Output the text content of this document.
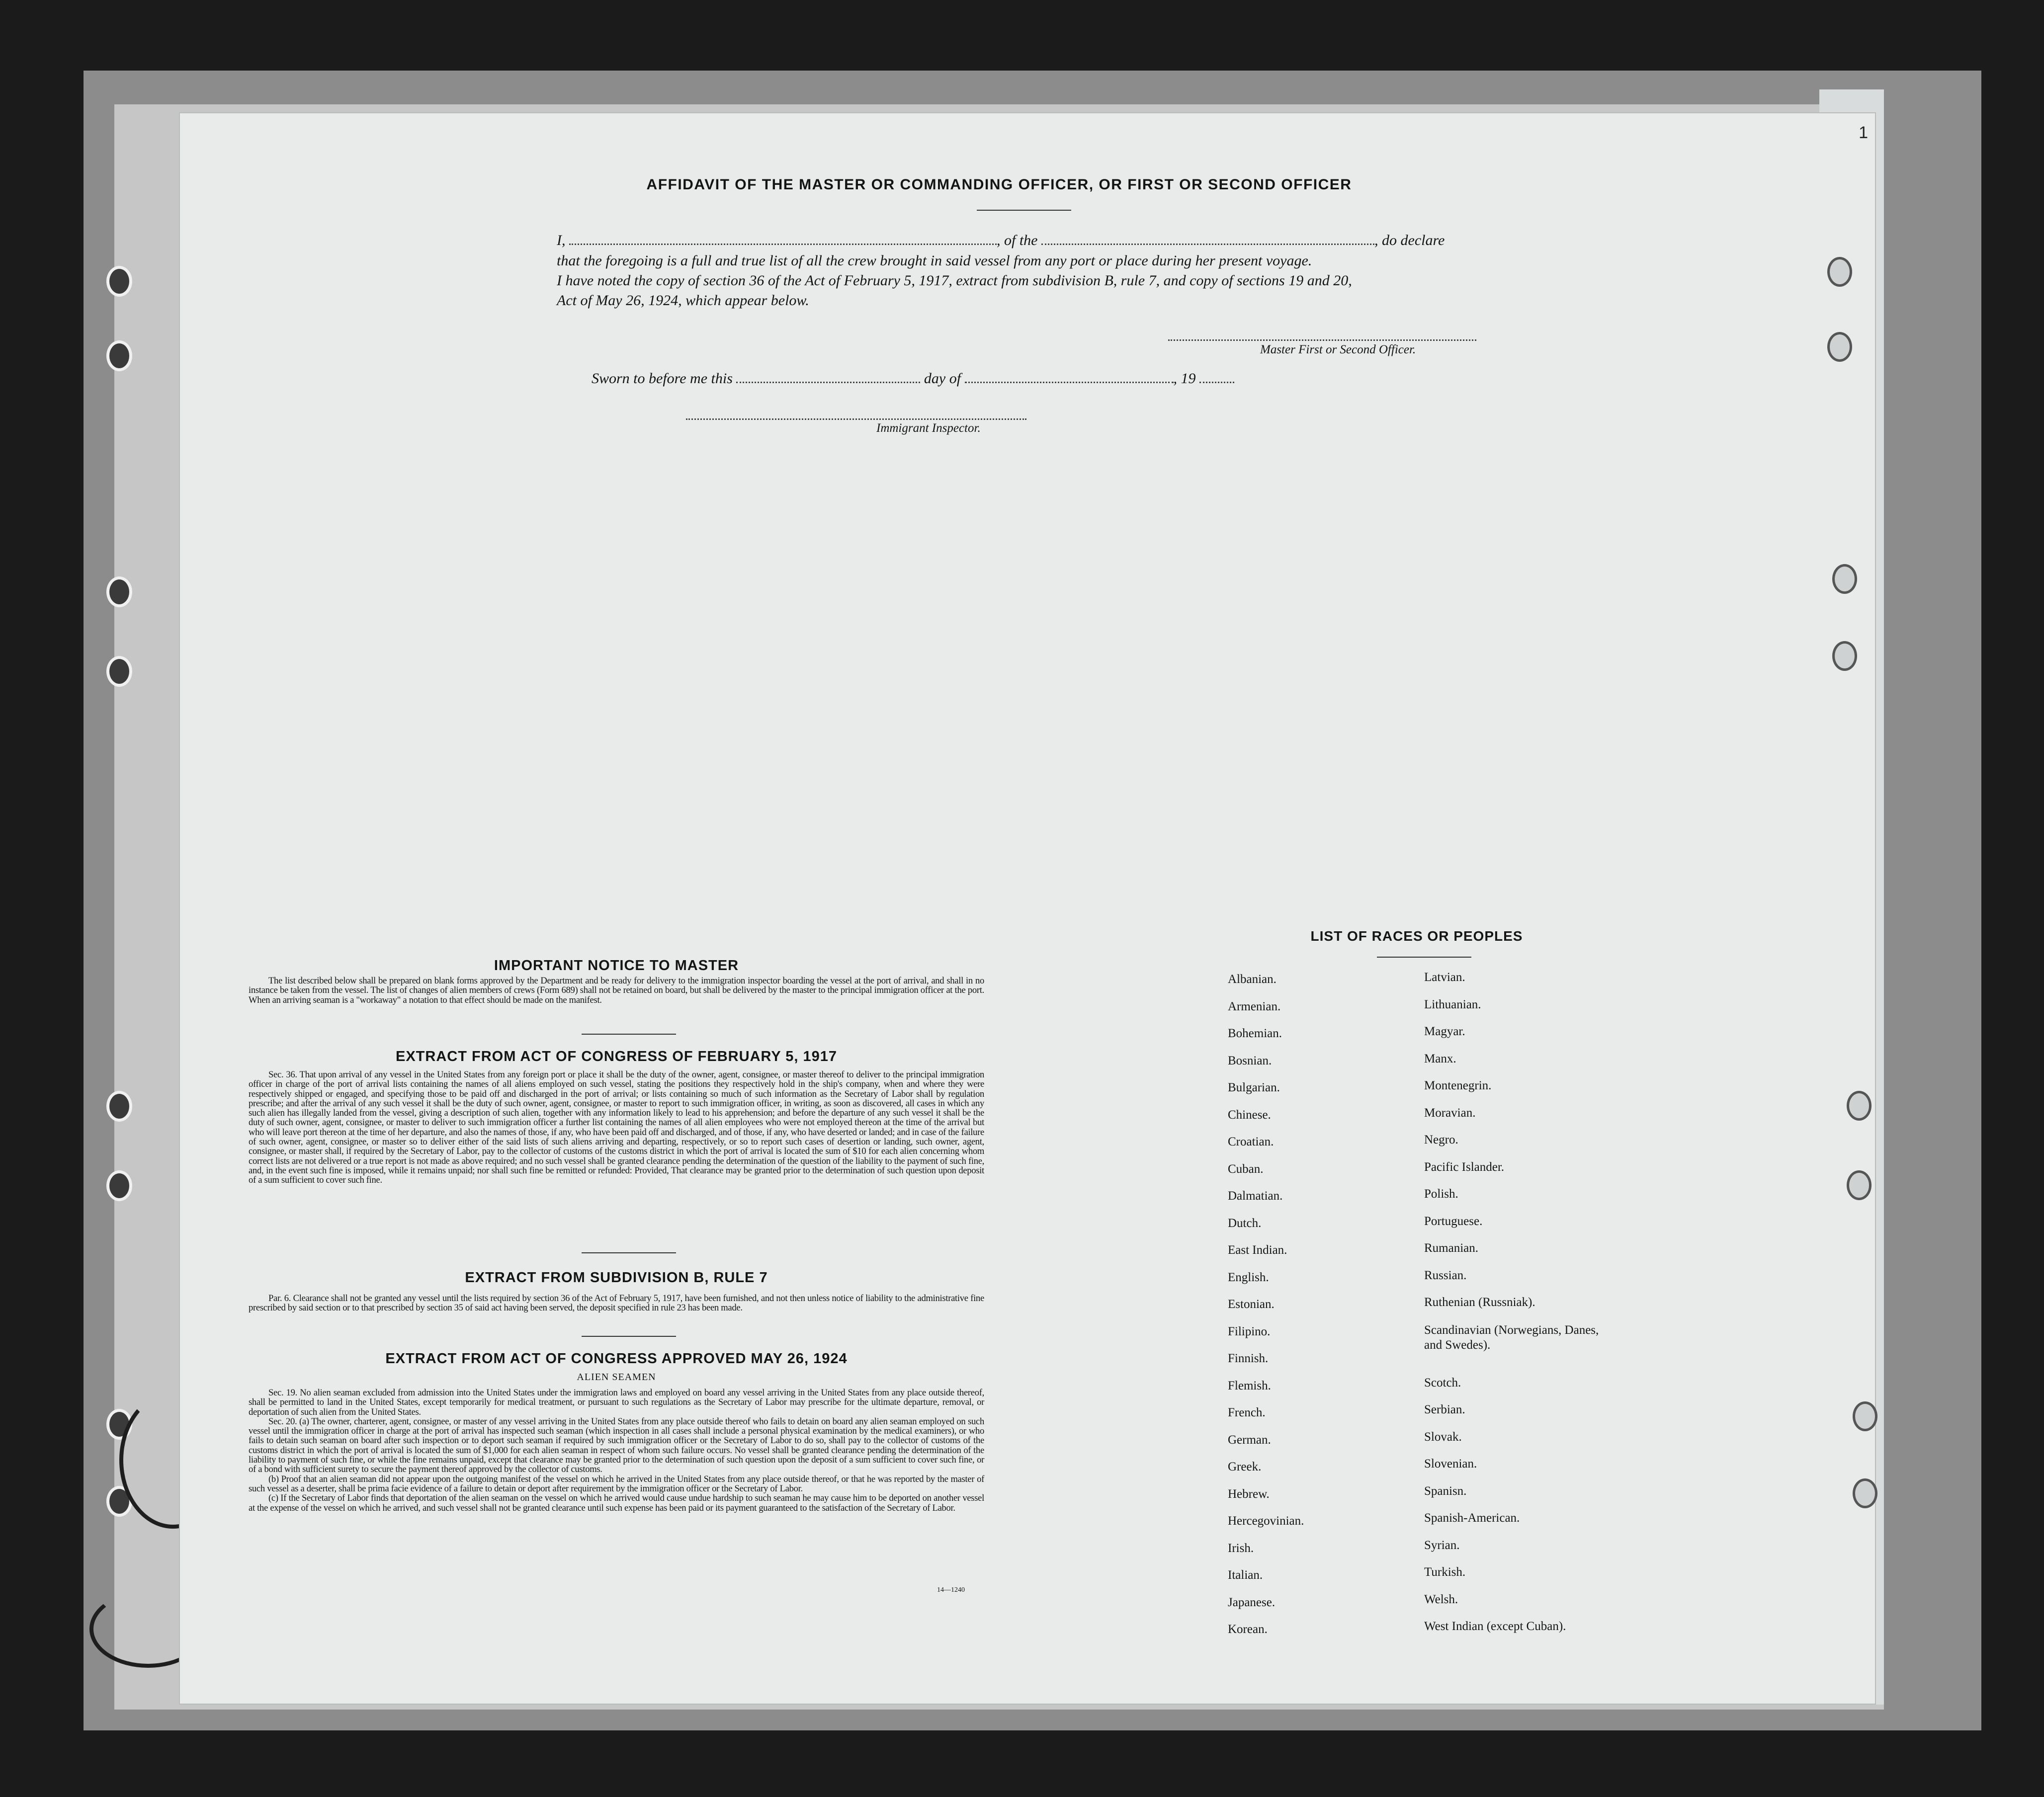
1
AFFIDAVIT OF THE MASTER OR COMMANDING OFFICER, OR FIRST OR SECOND OFFICER
I,	, of the	, do declare
that the foregoing is a full and true list of all the crew brought in said vessel from any port or place during her present voyage.
I have noted the copy of section 36 of the Act of February 5, 1917, extract from subdivision B, rule 7, and copy of sections 19 and 20,
Act of May 26, 1924, which appear below.
Master First or Second Officer.
Sworn to before me this	day of	, 19
Immigrant Inspector.
IMPORTANT NOTICE TO MASTER

The list described below shall be prepared on blank forms approved by the Department and be ready for delivery to the immigration inspector boarding the vessel at the port of arrival, and shall in no instance be taken from the vessel. The list of changes of alien members of crews (Form 689) shall not be retained on board, but shall be delivered by the master to the principal immigration officer at the port. When an arriving seaman is a "workaway" a notation to that effect should be made on the manifest.

EXTRACT FROM ACT OF CONGRESS OF FEBRUARY 5, 1917

Sec. 36. That upon arrival of any vessel in the United States from any foreign port or place it shall be the duty of the owner, agent, consignee, or master thereof to deliver to the principal immigration officer in charge of the port of arrival lists containing the names of all aliens employed on such vessel, stating the positions they respectively hold in the ship's company, when and where they were respectively shipped or engaged, and specifying those to be paid off and discharged in the port of arrival; or lists containing so much of such information as the Secretary of Labor shall by regulation prescribe; and after the arrival of any such vessel it shall be the duty of such owner, agent, consignee, or master to report to such immigration officer, in writing, as soon as discovered, all cases in which any such alien has illegally landed from the vessel, giving a description of such alien, together with any information likely to lead to his apprehension; and before the departure of any such vessel it shall be the duty of such owner, agent, consignee, or master to deliver to such immigration officer a further list containing the names of all alien employees who were not employed thereon at the time of the arrival but who will leave port thereon at the time of her departure, and also the names of those, if any, who have been paid off and discharged, and of those, if any, who have deserted or landed; and in case of the failure of such owner, agent, consignee, or master so to deliver either of the said lists of such aliens arriving and departing, respectively, or so to report such cases of desertion or landing, such owner, agent, consignee, or master shall, if required by the Secretary of Labor, pay to the collector of customs of the customs district in which the port of arrival is located the sum of $10 for each alien concerning whom correct lists are not delivered or a true report is not made as above required; and no such vessel shall be granted clearance pending the determination of the question of the liability to the payment of such fine, and, in the event such fine is imposed, while it remains unpaid; nor shall such fine be remitted or refunded: Provided, That clearance may be granted prior to the determination of such question upon deposit of a sum sufficient to cover such fine.

EXTRACT FROM SUBDIVISION B, RULE 7

Par. 6. Clearance shall not be granted any vessel until the lists required by section 36 of the Act of February 5, 1917, have been furnished, and not then unless notice of liability to the administrative fine prescribed by said section or to that prescribed by section 35 of said act having been served, the deposit specified in rule 23 has been made.

EXTRACT FROM ACT OF CONGRESS APPROVED MAY 26, 1924
ALIEN SEAMEN

Sec. 19. No alien seaman excluded from admission into the United States under the immigration laws and employed on board any vessel arriving in the United States from any place outside thereof, shall be permitted to land in the United States, except temporarily for medical treatment, or pursuant to such regulations as the Secretary of Labor may prescribe for the ultimate departure, removal, or deportation of such alien from the United States.

Sec. 20. (a) The owner, charterer, agent, consignee, or master of any vessel arriving in the United States from any place outside thereof who fails to detain on board any alien seaman employed on such vessel until the immigration officer in charge at the port of arrival has inspected such seaman (which inspection in all cases shall include a personal physical examination by the medical examiners), or who fails to detain such seaman on board after such inspection or to deport such seaman if required by such immigration officer or the Secretary of Labor to do so, shall pay to the collector of customs of the customs district in which the port of arrival is located the sum of $1,000 for each alien seaman in respect of whom such failure occurs. No vessel shall be granted clearance pending the determination of the liability to payment of such fine, or while the fine remains unpaid, except that clearance may be granted prior to the determination of such question upon the deposit of a sum sufficient to cover such fine, or of a bond with sufficient surety to secure the payment thereof approved by the collector of customs.

(b) Proof that an alien seaman did not appear upon the outgoing manifest of the vessel on which he arrived in the United States from any place outside thereof, or that he was reported by the master of such vessel as a deserter, shall be prima facie evidence of a failure to detain or deport after requirement by the immigration officer or the Secretary of Labor.

(c) If the Secretary of Labor finds that deportation of the alien seaman on the vessel on which he arrived would cause undue hardship to such seaman he may cause him to be deported on another vessel at the expense of the vessel on which he arrived, and such vessel shall not be granted clearance until such expense has been paid or its payment guaranteed to the satisfaction of the Secretary of Labor.

14—1240
LIST OF RACES OR PEOPLES
Albanian.
Armenian.
Bohemian.
Bosnian.
Bulgarian.
Chinese.
Croatian.
Cuban.
Dalmatian.
Dutch.
East Indian.
English.
Estonian.
Filipino.
Finnish.
Flemish.
French.
German.
Greek.
Hebrew.
Hercegovinian.
Irish.
Italian.
Japanese.
Korean.
Latvian.
Lithuanian.
Magyar.
Manx.
Montenegrin.
Moravian.
Negro.
Pacific Islander.
Polish.
Portuguese.
Rumanian.
Russian.
Ruthenian (Russniak).
Scandinavian (Norwegians, Danes, and Swedes).
Scotch.
Serbian.
Slovak.
Slovenian.
Spanisn.
Spanish-American.
Syrian.
Turkish.
Welsh.
West Indian (except Cuban).
